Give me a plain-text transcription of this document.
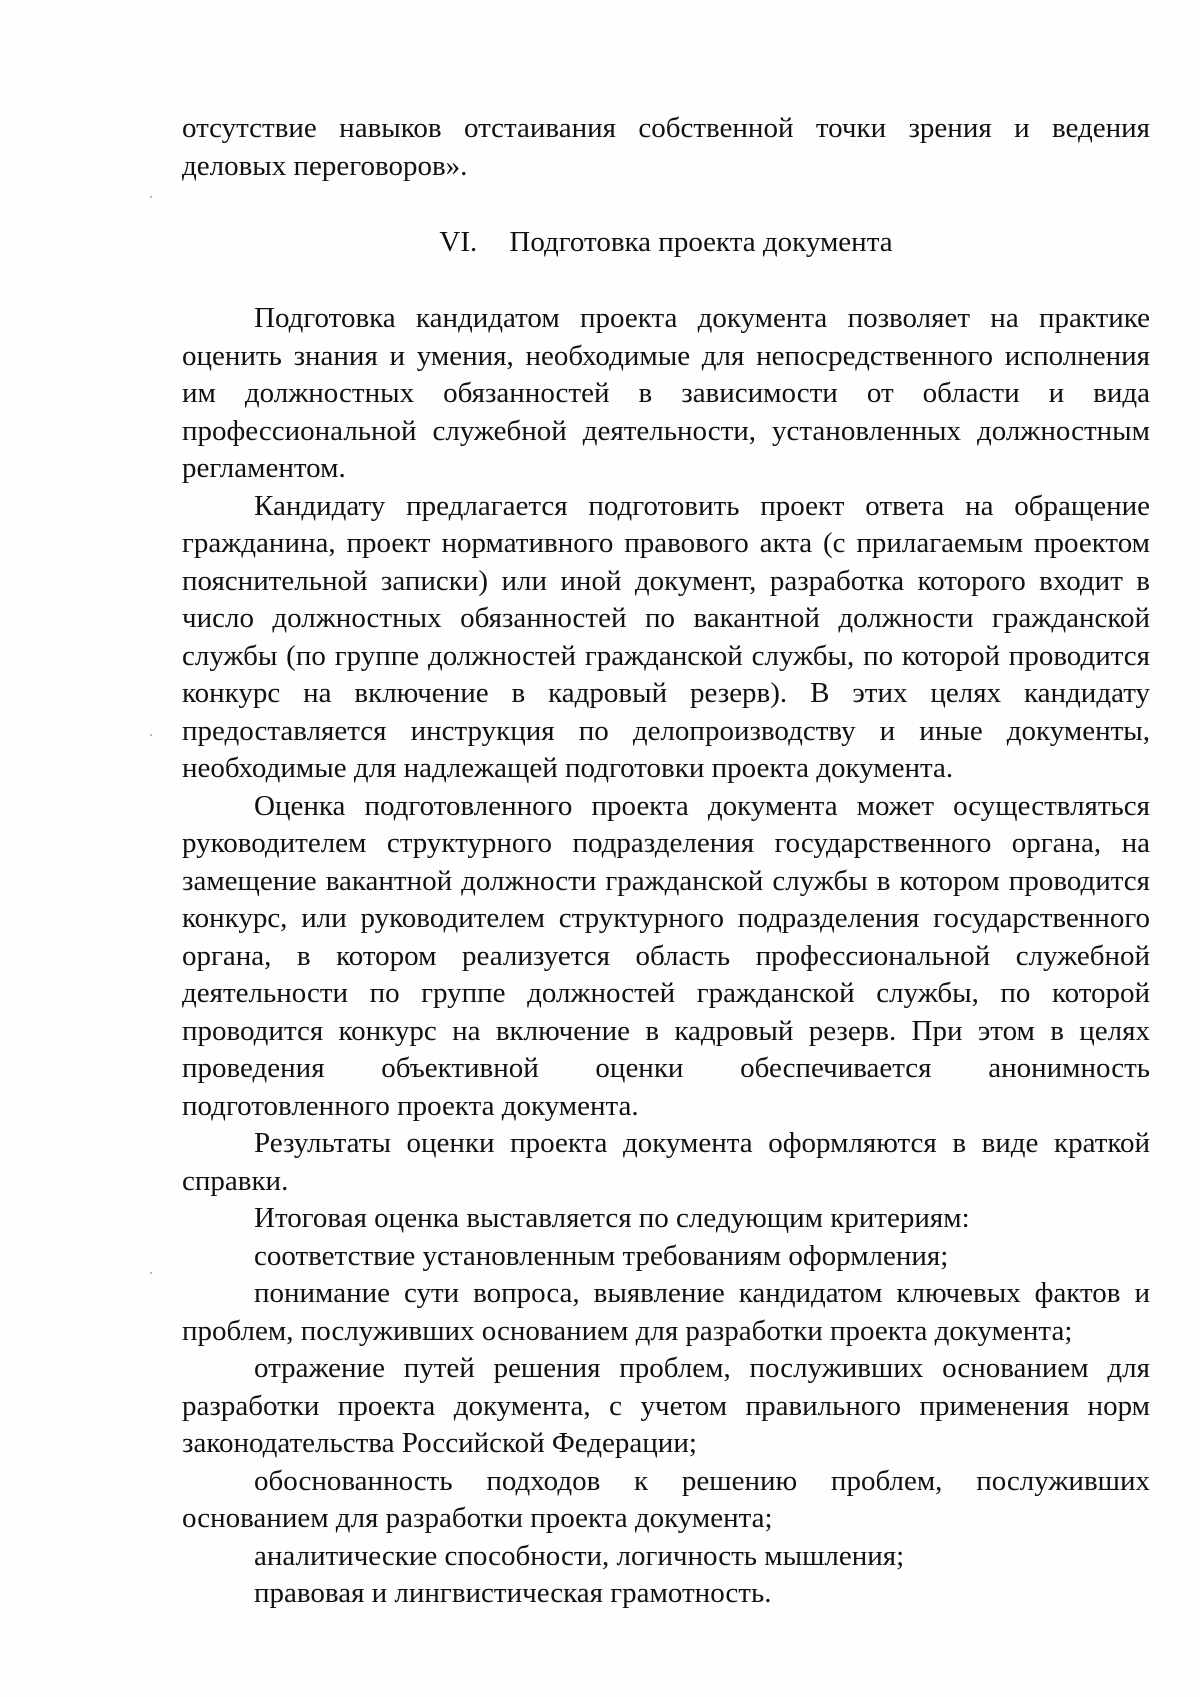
отсутствие навыков отстаивания собственной точки зрения и ведения деловых переговоров».

VI. Подготовка проекта документа

Подготовка кандидатом проекта документа позволяет на практике оценить знания и умения, необходимые для непосредственного исполнения им должностных обязанностей в зависимости от области и вида профессиональной служебной деятельности, установленных должностным регламентом.

Кандидату предлагается подготовить проект ответа на обращение гражданина, проект нормативного правового акта (с прилагаемым проектом пояснительной записки) или иной документ, разработка которого входит в число должностных обязанностей по вакантной должности гражданской службы (по группе должностей гражданской службы, по которой проводится конкурс на включение в кадровый резерв). В этих целях кандидату предоставляется инструкция по делопроизводству и иные документы, необходимые для надлежащей подготовки проекта документа.

Оценка подготовленного проекта документа может осуществляться руководителем структурного подразделения государственного органа, на замещение вакантной должности гражданской службы в котором проводится конкурс, или руководителем структурного подразделения государственного органа, в котором реализуется область профессиональной служебной деятельности по группе должностей гражданской службы, по которой проводится конкурс на включение в кадровый резерв. При этом в целях проведения объективной оценки обеспечивается анонимность подготовленного проекта документа.

Результаты оценки проекта документа оформляются в виде краткой справки.

Итоговая оценка выставляется по следующим критериям:

соответствие установленным требованиям оформления;

понимание сути вопроса, выявление кандидатом ключевых фактов и проблем, послуживших основанием для разработки проекта документа;

отражение путей решения проблем, послуживших основанием для разработки проекта документа, с учетом правильного применения норм законодательства Российской Федерации;

обоснованность подходов к решению проблем, послуживших основанием для разработки проекта документа;

аналитические способности, логичность мышления;

правовая и лингвистическая грамотность.
